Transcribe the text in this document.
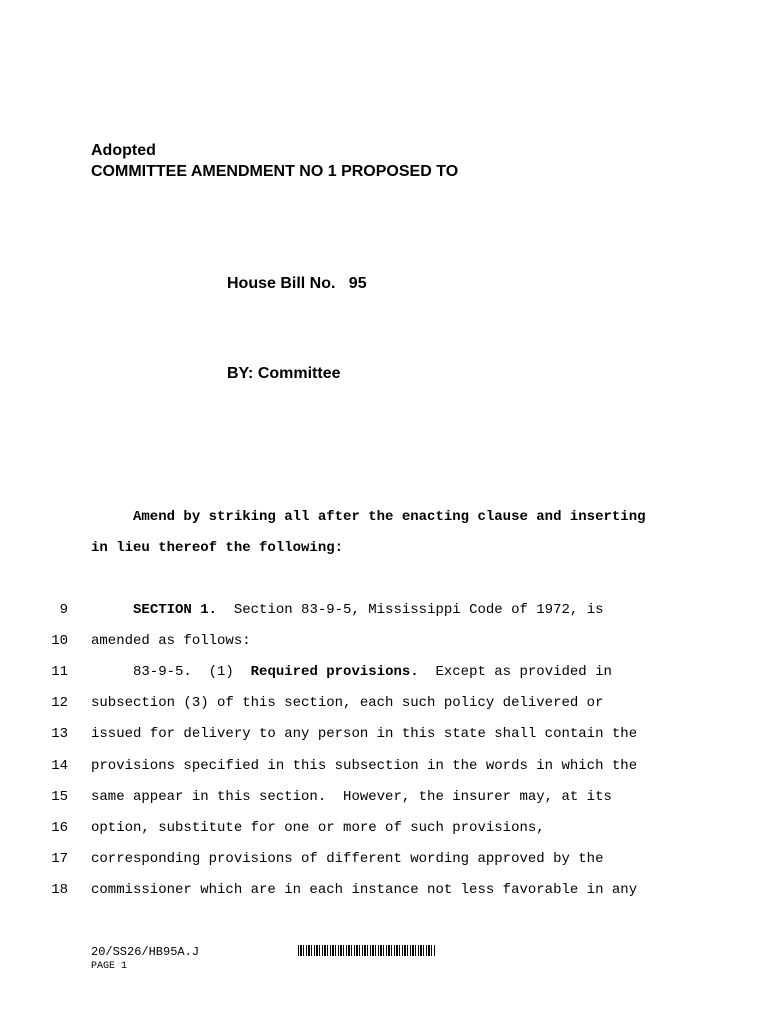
Adopted
COMMITTEE AMENDMENT NO 1 PROPOSED TO
House Bill No.   95
BY: Committee
Amend by striking all after the enacting clause and inserting
in lieu thereof the following:
9	SECTION 1.  Section 83-9-5, Mississippi Code of 1972, is
10 amended as follows:
11 83-9-5.  (1)  Required provisions.  Except as provided in
12 subsection (3) of this section, each such policy delivered or
13 issued for delivery to any person in this state shall contain the
14 provisions specified in this subsection in the words in which the
15 same appear in this section.  However, the insurer may, at its
16 option, substitute for one or more of such provisions,
17 corresponding provisions of different wording approved by the
18 commissioner which are in each instance not less favorable in any
20/SS26/HB95A.J
PAGE 1
